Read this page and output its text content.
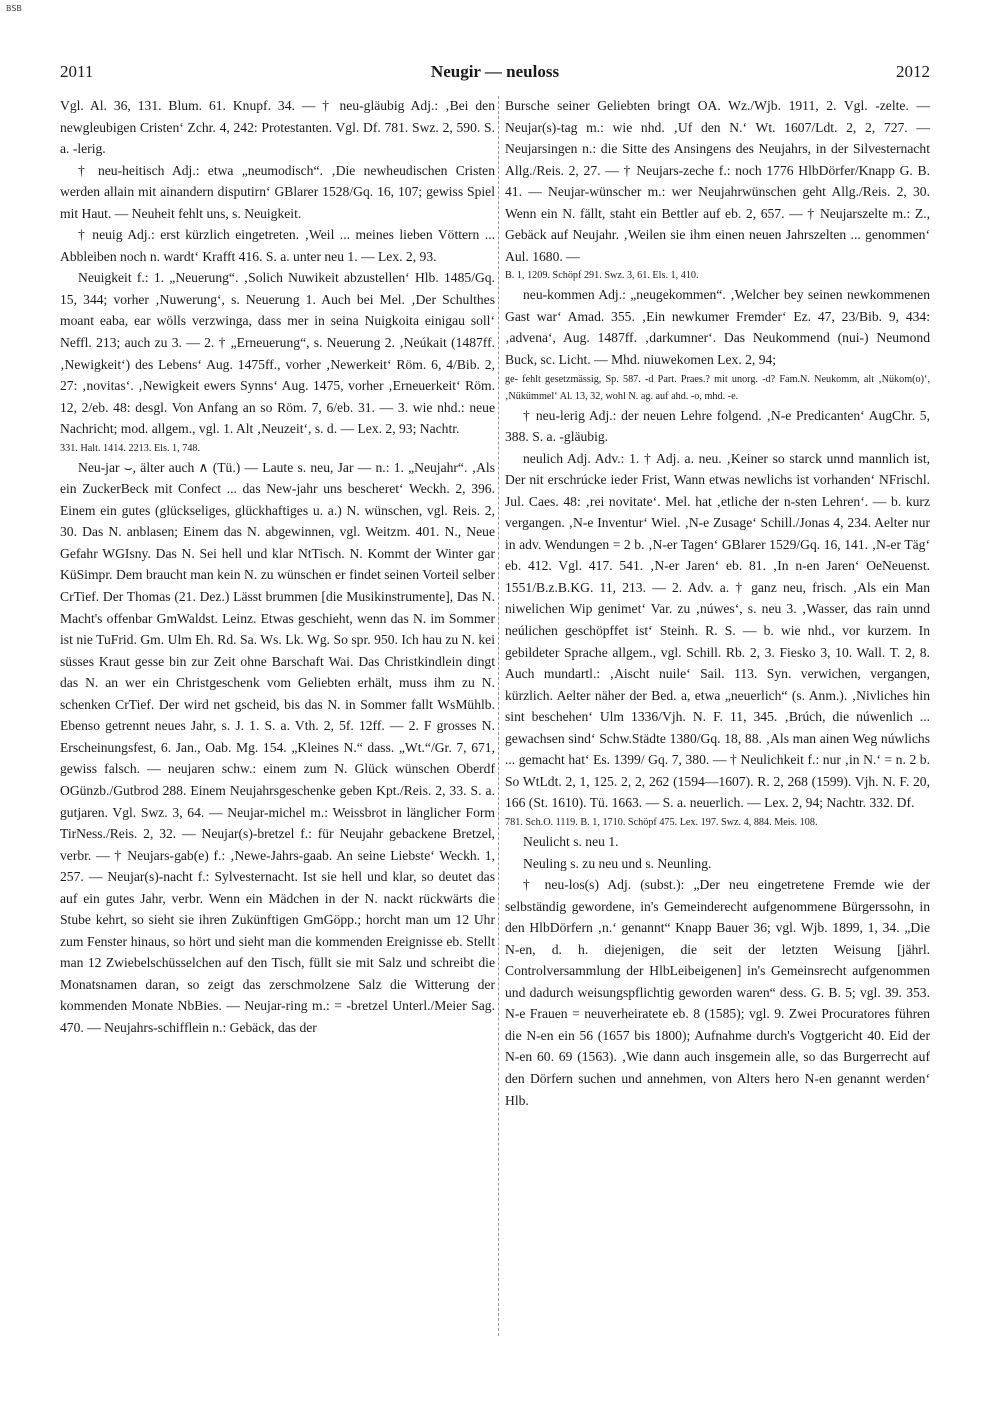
BSB
2011	Neugir — neuloss	2012

Vgl. Al. 36, 131. Blum. 61. Knupf. 34. — † neu-gläubig Adj.: ‚Bei den newgleubigen Cristen‘ Zchr. 4, 242: Protestanten. Vgl. Df. 781. Swz. 2, 590. S. a. -lerig.

† neu-heitisch Adj.: etwa „neumodisch“. ‚Die newheudischen Cristen werden allain mit ainandern disputirn‘ GBlarer 1528/Gq. 16, 107; gewiss Spiel mit Haut. — Neuheit fehlt uns, s. Neuigkeit.

† neuig Adj.: erst kürzlich eingetreten. ‚Weil ... meines lieben Vöttern ... Abbleiben noch n. wardt‘ Krafft 416. S. a. unter neu 1. — Lex. 2, 93.

Neuigkeit f.: 1. „Neuerung“. ‚Solich Nuwikeit abzustellen‘ Hlb. 1485/Gq. 15, 344; vorher ‚Nuwerung‘, s. Neuerung 1. Auch bei Mel. ‚Der Schulthes moant eaba, ear wölls verzwinga, dass mer in seina Nuigkoita einigau soll‘ Neffl. 213; auch zu 3. — 2. † „Erneuerung“, s. Neuerung 2. ‚Neúkait (1487ff. ‚Newigkeit‘) des Lebens‘ Aug. 1475ff., vorher ‚Newerkeit‘ Röm. 6, 4/Bib. 2, 27: ‚novitas‘. ‚Newigkeit ewers Synns‘ Aug. 1475, vorher ‚Erneuerkeit‘ Röm. 12, 2/eb. 48: desgl. Von Anfang an so Röm. 7, 6/eb. 31. — 3. wie nhd.: neue Nachricht; mod. allgem., vgl. 1. Alt ‚Neuzeit‘, s. d. — Lex. 2, 93; Nachtr.

331. Halt. 1414. 2213. Els. 1, 748.

Neu-jar ⌣, älter auch ∧ (Tü.) — Laute s. neu, Jar — n.: 1. „Neujahr“. ‚Als ein ZuckerBeck mit Confect ... das New-jahr uns bescheret‘ Weckh. 2, 396. Einem ein gutes (glückseliges, glückhaftiges u. a.) N. wünschen, vgl. Reis. 2, 30. Das N. anblasen; Einem das N. abgewinnen, vgl. Weitzm. 401. N., Neue Gefahr WGIsny. Das N. Sei hell und klar NtTisch. N. Kommt der Winter gar KüSimpr. Dem braucht man kein N. zu wünschen er findet seinen Vorteil selber CrTief. Der Thomas (21. Dez.) Lässt brummen [die Musikinstrumente], Das N. Macht's offenbar GmWaldst. Leinz. Etwas geschieht, wenn das N. im Sommer ist nie TuFrid. Gm. Ulm Eh. Rd. Sa. Ws. Lk. Wg. So spr. 950. Ich hau zu N. kei süsses Kraut gesse bin zur Zeit ohne Barschaft Wai. Das Christkindlein dingt das N. an wer ein Christgeschenk vom Geliebten erhält, muss ihm zu N. schenken CrTief. Der wird net gscheid, bis das N. in Sommer fallt WsMühlb. Ebenso getrennt neues Jahr, s. J. 1. S. a. Vth. 2, 5f. 12ff. — 2. F grosses N. Erscheinungsfest, 6. Jan., Oab. Mg. 154. „Kleines N.“ dass. „Wt.“/Gr. 7, 671, gewiss falsch. — neujaren schw.: einem zum N. Glück wünschen Oberdf OGünzb./Gutbrod 288. Einem Neujahrsgeschenke geben Kpt./Reis. 2, 33. S. a. gutjaren. Vgl. Swz. 3, 64. — Neujar-michel m.: Weissbrot in länglicher Form TirNess./Reis. 2, 32. — Neujar(s)-bretzel f.: für Neujahr gebackene Bretzel, verbr. — † Neujars-gab(e) f.: ‚Newe-Jahrs-gaab. An seine Liebste‘ Weckh. 1, 257. — Neujar(s)-nacht f.: Sylvesternacht. Ist sie hell und klar, so deutet das auf ein gutes Jahr, verbr. Wenn ein Mädchen in der N. nackt rückwärts die Stube kehrt, so sieht sie ihren Zukünftigen GmGöpp.; horcht man um 12 Uhr zum Fenster hinaus, so hört und sieht man die kommenden Ereignisse eb. Stellt man 12 Zwiebelschüsselchen auf den Tisch, füllt sie mit Salz und schreibt die Monatsnamen daran, so zeigt das zerschmolzene Salz die Witterung der kommenden Monate NbBies. — Neujar-ring m.: = -bretzel Unterl./Meier Sag. 470. — Neujahrs-schifflein n.: Gebäck, das der

Bursche seiner Geliebten bringt OA. Wz./Wjb. 1911, 2. Vgl. -zelte. — Neujar(s)-tag m.: wie nhd. ‚Uf den N.‘ Wt. 1607/Ldt. 2, 2, 727. — Neujarsingen n.: die Sitte des Ansingens des Neujahrs, in der Silvesternacht Allg./Reis. 2, 27. — † Neujars-zeche f.: noch 1776 HlbDörfer/Knapp G. B. 41. — Neujar-wünscher m.: wer Neujahrwünschen geht Allg./Reis. 2, 30. Wenn ein N. fällt, staht ein Bettler auf eb. 2, 657. — † Neujarszelte m.: Z., Gebäck auf Neujahr. ‚Weilen sie ihm einen neuen Jahrszelten ... genommen‘ Aul. 1680. —

B. 1, 1209. Schöpf 291. Swz. 3, 61. Els. 1, 410.

neu-kommen Adj.: „neugekommen“. ‚Welcher bey seinen newkommenen Gast war‘ Amad. 355. ‚Ein newkumer Fremder‘ Ez. 47, 23/Bib. 9, 434: ‚advena‘, Aug. 1487ff. ‚darkumner‘. Das Neukommend (nui-) Neumond Buck, sc. Licht. — Mhd. niuwekomen Lex. 2, 94;

ge- fehlt gesetzmässig, Sp. 587. -d Part. Praes.? mit unorg. -d? Fam.N. Neukomm, alt ‚Nükom(o)‘, ‚Nükümmel‘ Al. 13, 32, wohl N. ag. auf ahd. -o, mhd. -e.

† neu-lerig Adj.: der neuen Lehre folgend. ‚N-e Predicanten‘ AugChr. 5, 388. S. a. -gläubig.

neulich Adj. Adv.: 1. † Adj. a. neu. ‚Keiner so starck unnd mannlich ist, Der nit erschrúcke ieder Frist, Wann etwas newlichs ist vorhanden‘ NFrischl. Jul. Caes. 48: ‚rei novitate‘. Mel. hat ‚etliche der n-sten Lehren‘. — b. kurz vergangen. ‚N-e Inventur‘ Wiel. ‚N-e Zusage‘ Schill./Jonas 4, 234. Aelter nur in adv. Wendungen = 2 b. ‚N-er Tagen‘ GBlarer 1529/Gq. 16, 141. ‚N-er Täg‘ eb. 412. Vgl. 417. 541. ‚N-er Jaren‘ eb. 81. ‚In n-en Jaren‘ OeNeuenst. 1551/B.z.B.KG. 11, 213. — 2. Adv. a. † ganz neu, frisch. ‚Als ein Man niwelichen Wip genimet‘ Var. zu ‚núwes‘, s. neu 3. ‚Wasser, das rain unnd neúlichen geschöpffet ist‘ Steinh. R. S. — b. wie nhd., vor kurzem. In gebildeter Sprache allgem., vgl. Schill. Rb. 2, 3. Fiesko 3, 10. Wall. T. 2, 8. Auch mundartl.: ‚Aischt nuile‘ Sail. 113. Syn. verwichen, vergangen, kürzlich. Aelter näher der Bed. a, etwa „neuerlich“ (s. Anm.). ‚Nivliches hin sint beschehen‘ Ulm 1336/Vjh. N. F. 11, 345. ‚Brúch, die núwenlich ... gewachsen sind‘ Schw.Städte 1380/Gq. 18, 88. ‚Als man ainen Weg núwlichs ... gemacht hat‘ Es. 1399/ Gq. 7, 380. — † Neulichkeit f.: nur ‚in N.‘ = n. 2 b. So WtLdt. 2, 1, 125. 2, 2, 262 (1594—1607). R. 2, 268 (1599). Vjh. N. F. 20, 166 (St. 1610). Tü. 1663. — S. a. neuerlich. — Lex. 2, 94; Nachtr. 332. Df.

781. Sch.O. 1119. B. 1, 1710. Schöpf 475. Lex. 197. Swz. 4, 884. Meis. 108.

Neulicht s. neu 1.

Neuling s. zu neu und s. Neunling.

† neu-los(s) Adj. (subst.): „Der neu eingetretene Fremde wie der selbständig gewordene, in's Gemeinderecht aufgenommene Bürgerssohn, in den HlbDörfern ‚n.‘ genannt“ Knapp Bauer 36; vgl. Wjb. 1899, 1, 34. „Die N-en, d. h. diejenigen, die seit der letzten Weisung [jährl. Controlversammlung der HlbLeibeigenen] in's Gemeinsrecht aufgenommen und dadurch weisungspflichtig geworden waren“ dess. G. B. 5; vgl. 39. 353. N-e Frauen = neuverheiratete eb. 8 (1585); vgl. 9. Zwei Procuratores führen die N-en ein 56 (1657 bis 1800); Aufnahme durch's Vogtgericht 40. Eid der N-en 60. 69 (1563). ‚Wie dann auch insgemein alle, so das Burgerrecht auf den Dörfern suchen und annehmen, von Alters hero N-en genannt werden‘ Hlb.
